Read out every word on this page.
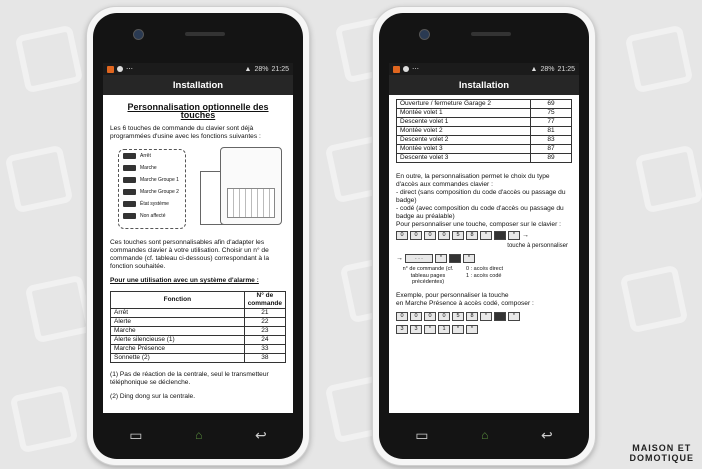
⋯	▲ 28% 21:25
Installation
Personnalisation optionnelle des touches
Les 6 touches de commande du clavier sont déjà programmées d'usine avec les fonctions suivantes :
Arrêt
Marche
Marche Groupe 1
Marche Groupe 2
État système
Non affecté
Ces touches sont personnalisables afin d'adapter les commandes clavier à votre utilisation. Choisir un n° de commande (cf. tableau ci-dessous) correspondant à la fonction souhaitée.
Pour une utilisation avec un système d'alarme :
Fonction	N° de commande
Arrêt	21
Alerte	22
Marche	23
Alerte silencieuse (1)	24
Marche Présence	33
Sonnette (2)	38
(1) Pas de réaction de la centrale, seul le transmetteur téléphonique se déclenche.
(2) Ding dong sur la centrale.
▭	⌂	↩
⋯	▲ 28% 21:25
Installation
Ouverture / fermeture Garage 2	69
Montée volet 1	75
Descente volet 1	77
Montée volet 2	81
Descente volet 2	83
Montée volet 3	87
Descente volet 3	89
En outre, la personnalisation permet le choix du type d'accès aux commandes clavier :
- direct (sans composition du code d'accès ou passage du badge)
- codé (avec composition du code d'accès ou passage du badge au préalable)
Pour personnaliser une touche, composer sur le clavier :
0	0	0	0	5	8	*	* →
touche à personnaliser
→	. . .	*	*
n° de commande (cf. tableau pages précédentes)
0 : accès direct
1 : accès codé
Exemple, pour personnaliser la touche
en Marche Présence à accès codé, composer :
0	0	0	0	5	8	*	*
3	3	*	1	*	*
▭	⌂	↩
MAISON ET
DOMOTIQUE
